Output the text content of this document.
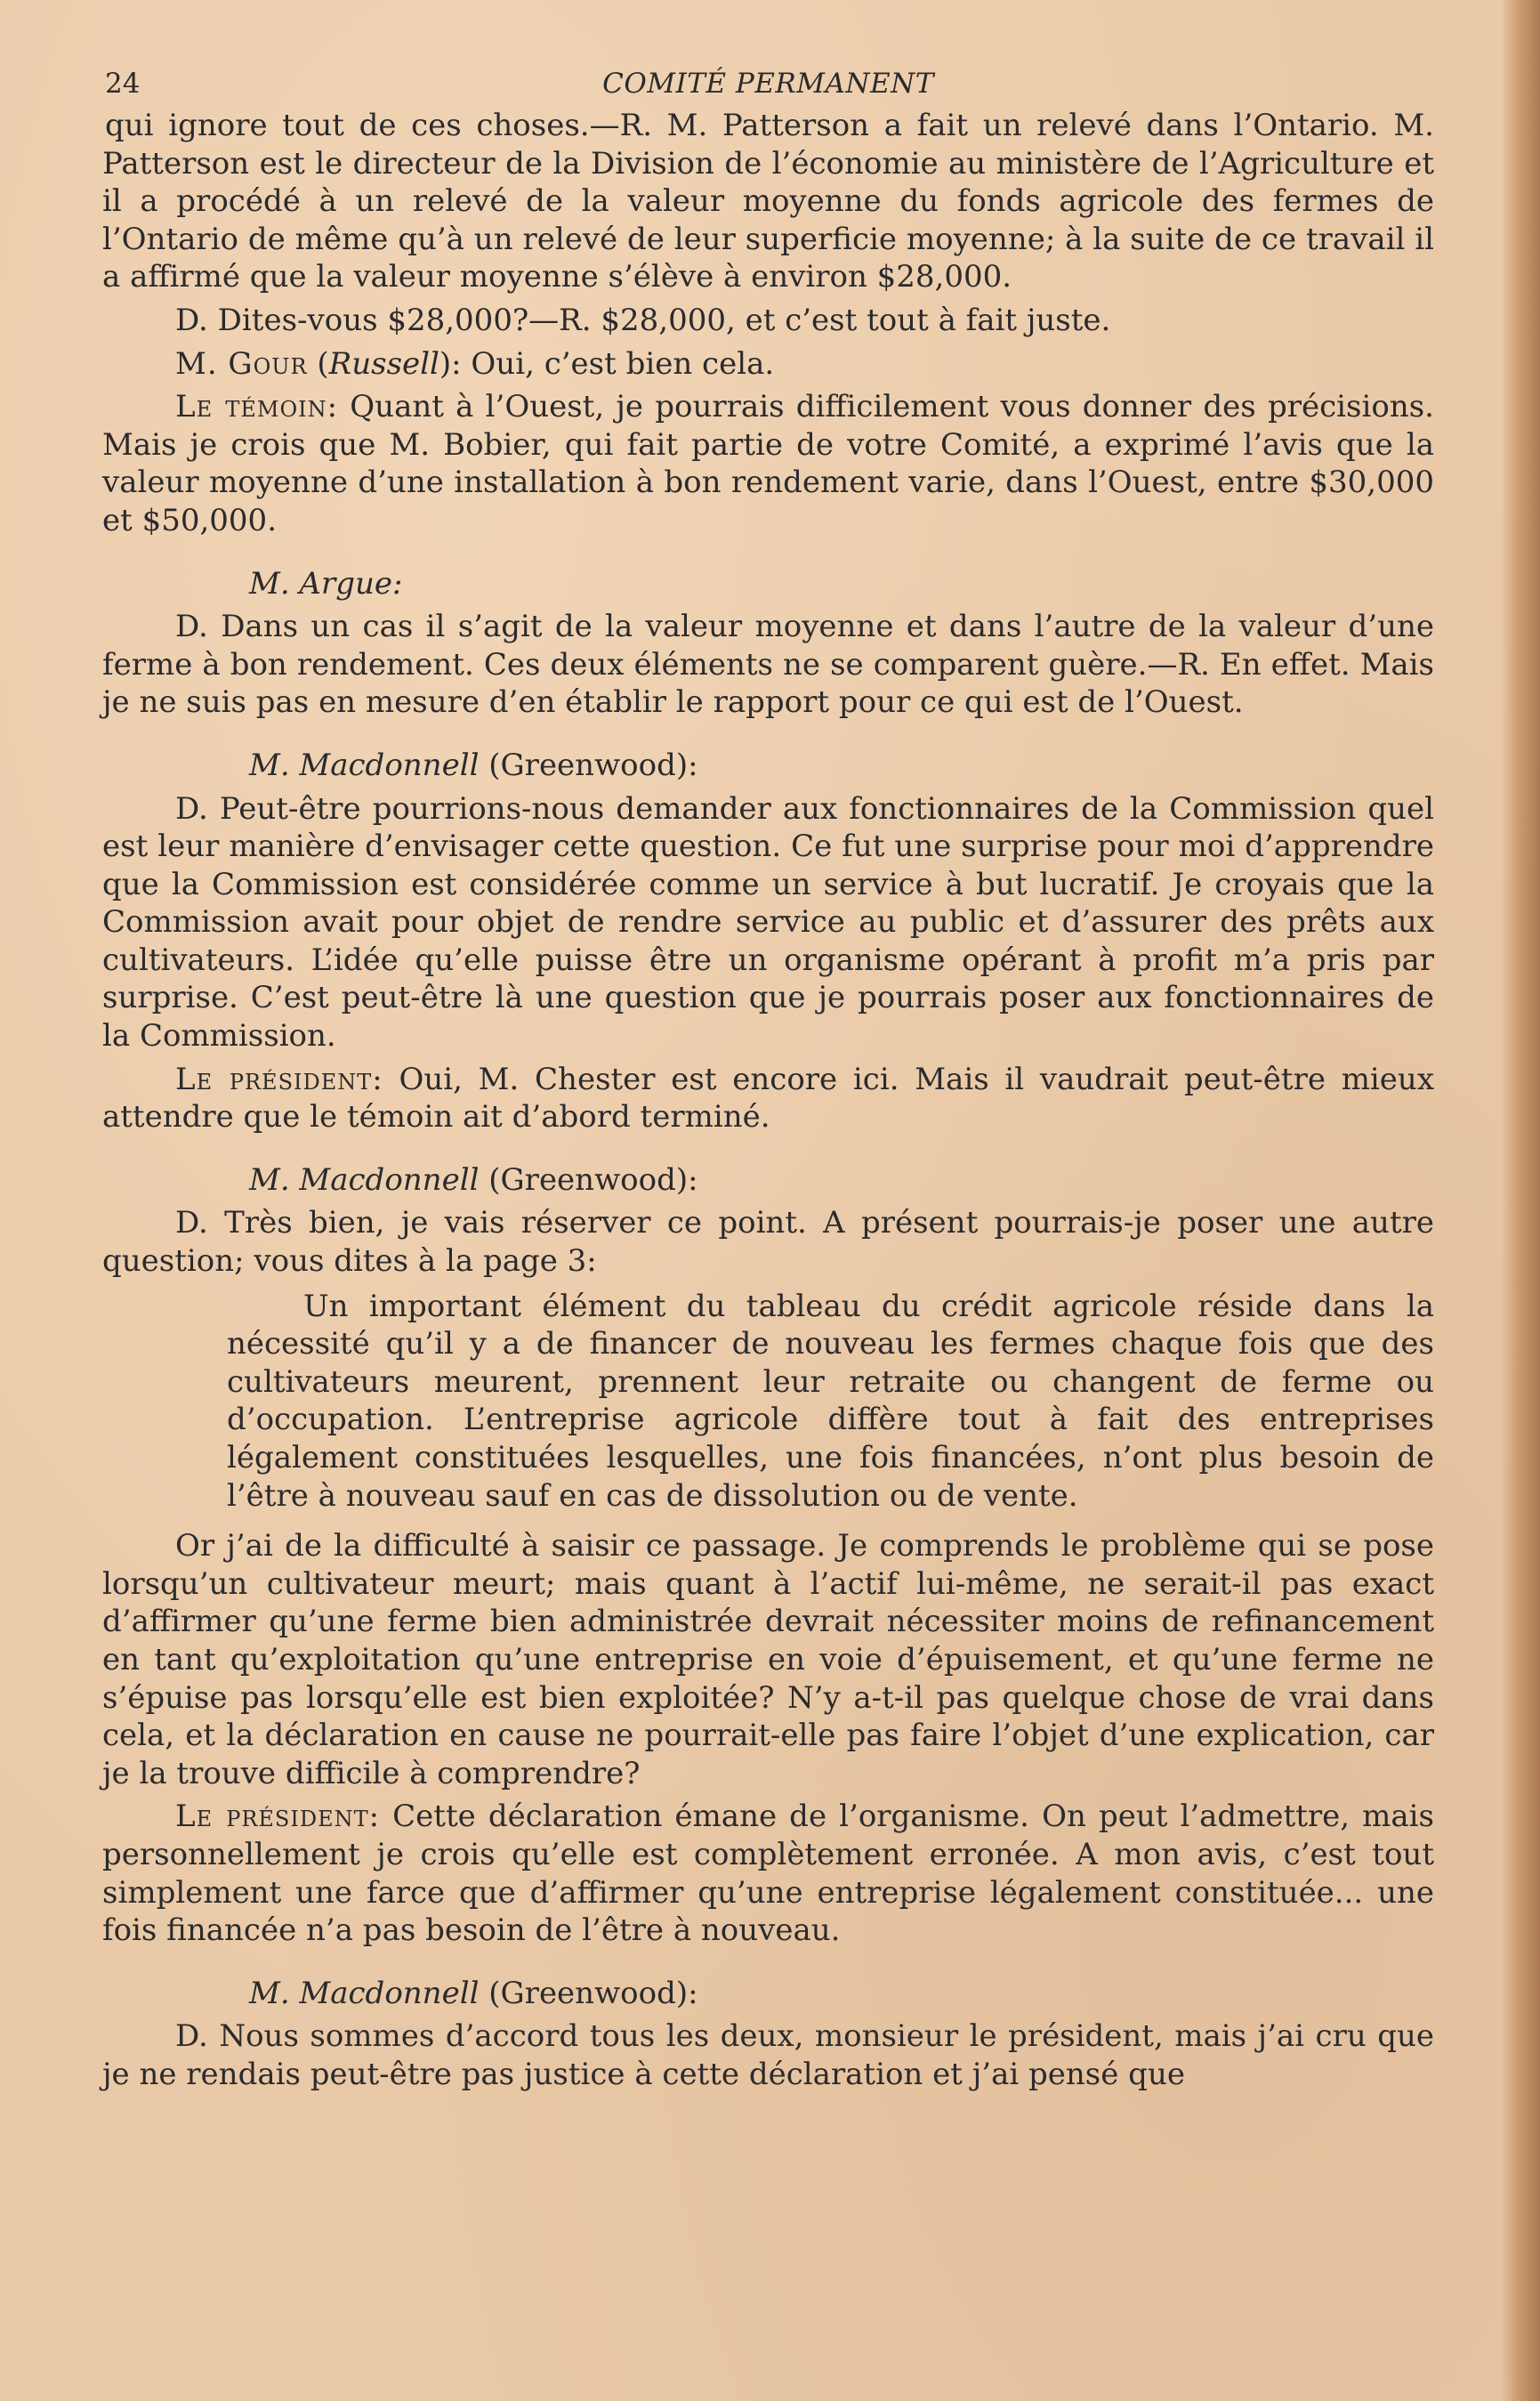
24	COMITÉ PERMANENT

qui ignore tout de ces choses.—R. M. Patterson a fait un relevé dans l’Ontario. M. Patterson est le directeur de la Division de l’économie au ministère de l’Agriculture et il a procédé à un relevé de la valeur moyenne du fonds agricole des fermes de l’Ontario de même qu’à un relevé de leur superficie moyenne; à la suite de ce travail il a affirmé que la valeur moyenne s’élève à environ $28,000.

D. Dites-vous $28,000?—R. $28,000, et c’est tout à fait juste.

M. Gour (Russell): Oui, c’est bien cela.

Le témoin: Quant à l’Ouest, je pourrais difficilement vous donner des précisions. Mais je crois que M. Bobier, qui fait partie de votre Comité, a exprimé l’avis que la valeur moyenne d’une installation à bon rendement varie, dans l’Ouest, entre $30,000 et $50,000.

M. Argue:

D. Dans un cas il s’agit de la valeur moyenne et dans l’autre de la valeur d’une ferme à bon rendement. Ces deux éléments ne se comparent guère.—R. En effet. Mais je ne suis pas en mesure d’en établir le rapport pour ce qui est de l’Ouest.

M. Macdonnell (Greenwood):

D. Peut-être pourrions-nous demander aux fonctionnaires de la Commission quel est leur manière d’envisager cette question. Ce fut une surprise pour moi d’apprendre que la Commission est considérée comme un service à but lucratif. Je croyais que la Commission avait pour objet de rendre service au public et d’assurer des prêts aux cultivateurs. L’idée qu’elle puisse être un organisme opérant à profit m’a pris par surprise. C’est peut-être là une question que je pourrais poser aux fonctionnaires de la Commission.

Le président: Oui, M. Chester est encore ici. Mais il vaudrait peut-être mieux attendre que le témoin ait d’abord terminé.

M. Macdonnell (Greenwood):

D. Très bien, je vais réserver ce point. A présent pourrais-je poser une autre question; vous dites à la page 3:

Un important élément du tableau du crédit agricole réside dans la nécessité qu’il y a de financer de nouveau les fermes chaque fois que des cultivateurs meurent, prennent leur retraite ou changent de ferme ou d’occupation. L’entreprise agricole diffère tout à fait des entreprises légalement constituées lesquelles, une fois financées, n’ont plus besoin de l’être à nouveau sauf en cas de dissolution ou de vente.

Or j’ai de la difficulté à saisir ce passage. Je comprends le problème qui se pose lorsqu’un cultivateur meurt; mais quant à l’actif lui-même, ne serait-il pas exact d’affirmer qu’une ferme bien administrée devrait nécessiter moins de refinancement en tant qu’exploitation qu’une entreprise en voie d’épuisement, et qu’une ferme ne s’épuise pas lorsqu’elle est bien exploitée? N’y a-t-il pas quelque chose de vrai dans cela, et la déclaration en cause ne pourrait-elle pas faire l’objet d’une explication, car je la trouve difficile à comprendre?

Le président: Cette déclaration émane de l’organisme. On peut l’admettre, mais personnellement je crois qu’elle est complètement erronée. A mon avis, c’est tout simplement une farce que d’affirmer qu’une entreprise légalement constituée... une fois financée n’a pas besoin de l’être à nouveau.

M. Macdonnell (Greenwood):

D. Nous sommes d’accord tous les deux, monsieur le président, mais j’ai cru que je ne rendais peut-être pas justice à cette déclaration et j’ai pensé que
